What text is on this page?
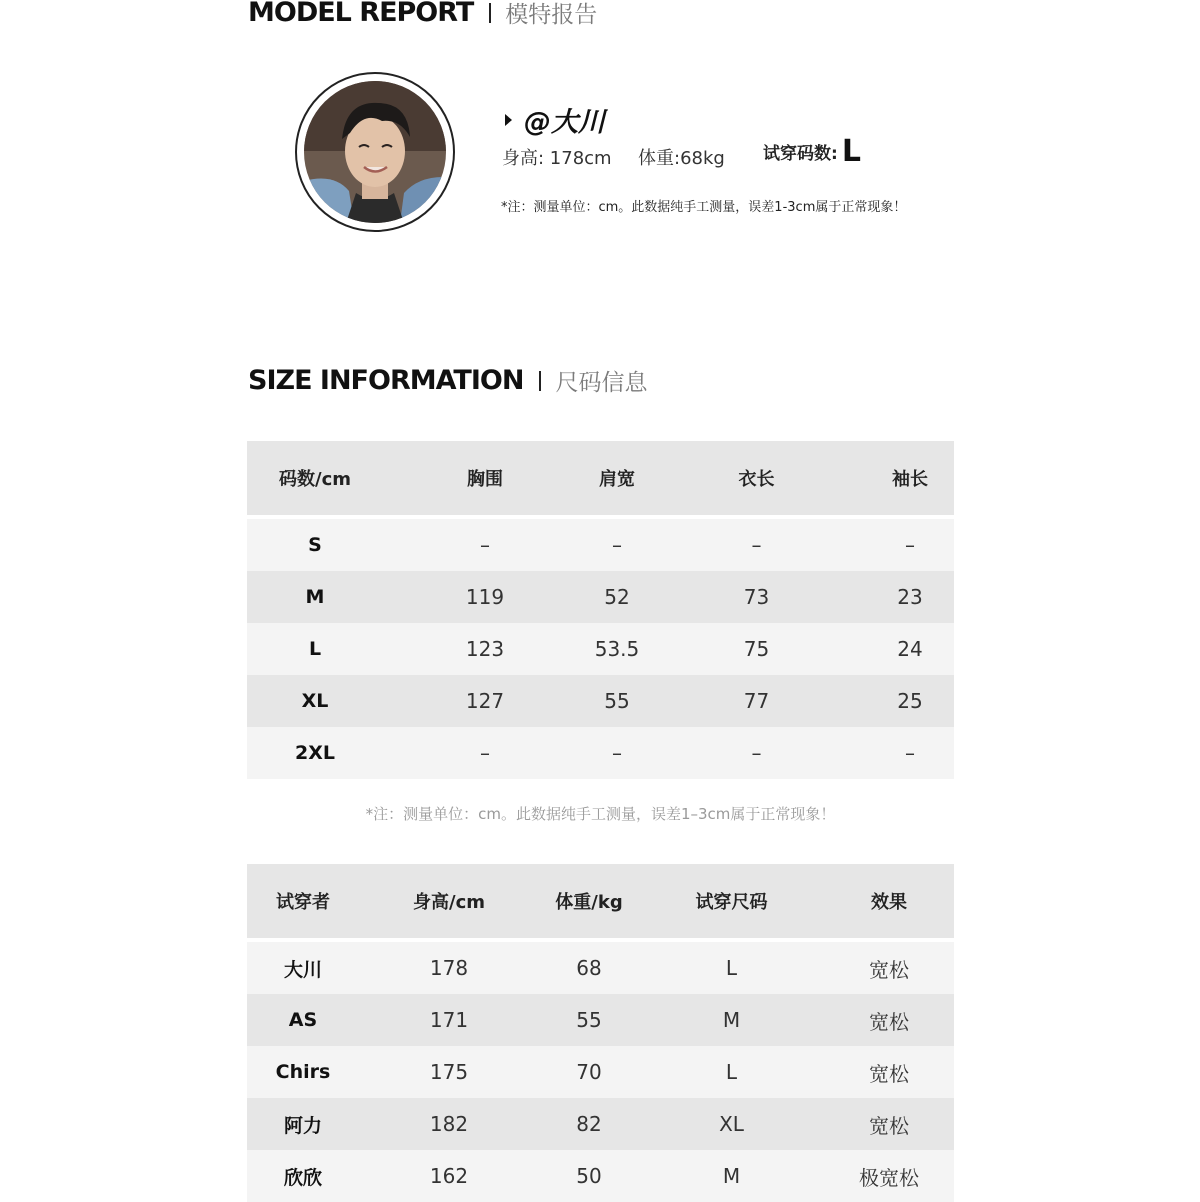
MODEL REPORT 模特报告
@大川
身高: 178cm 体重:68kg 试穿码数: L
*注：测量单位：cm。此数据纯手工测量，误差1-3cm属于正常现象！
SIZE INFORMATION 尺码信息
码数/cm	胸围	肩宽	衣长	袖长

S	–	–	–	–
M	119	52	73	23
L	123	53.5	75	24
XL	127	55	77	25
2XL	–	–	–	–
*注：测量单位：cm。此数据纯手工测量，误差1–3cm属于正常现象！
试穿者	身高/cm	体重/kg	试穿尺码	效果

大川	178	68	L	宽松
AS	171	55	M	宽松
Chirs	175	70	L	宽松
阿力	182	82	XL	宽松
欣欣	162	50	M	极宽松
